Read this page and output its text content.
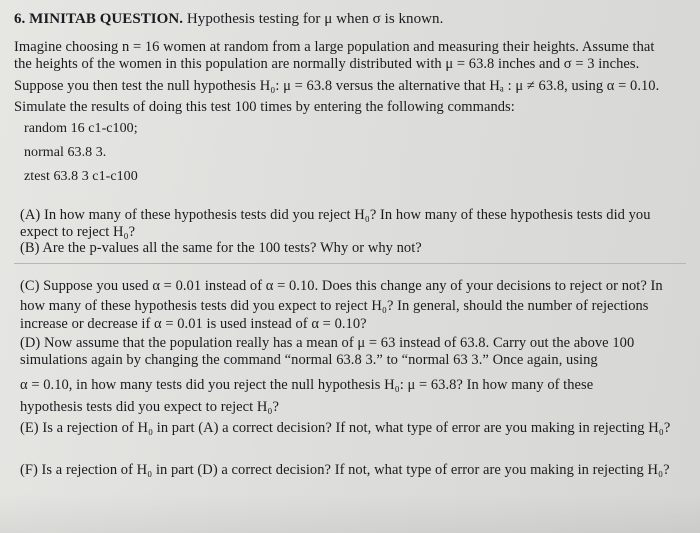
6. MINITAB QUESTION. Hypothesis testing for μ when σ is known.
Imagine choosing n = 16 women at random from a large population and measuring their heights. Assume that
the heights of the women in this population are normally distributed with μ = 63.8 inches and σ = 3 inches.
Suppose you then test the null hypothesis H₀: μ = 63.8 versus the alternative that Hₐ : μ ≠ 63.8, using α = 0.10.
Simulate the results of doing this test 100 times by entering the following commands:
random 16 c1-c100;
normal 63.8 3.
ztest 63.8 3 c1-c100
(A) In how many of these hypothesis tests did you reject H₀? In how many of these hypothesis tests did you
expect to reject H₀?
(B) Are the p-values all the same for the 100 tests? Why or why not?
(C) Suppose you used α = 0.01 instead of α = 0.10. Does this change any of your decisions to reject or not? In
how many of these hypothesis tests did you expect to reject H₀? In general, should the number of rejections
increase or decrease if α = 0.01 is used instead of α = 0.10?
(D) Now assume that the population really has a mean of μ = 63 instead of 63.8. Carry out the above 100
simulations again by changing the command “normal 63.8 3.” to “normal 63 3.” Once again, using
α = 0.10, in how many tests did you reject the null hypothesis H₀: μ = 63.8? In how many of these
hypothesis tests did you expect to reject H₀?
(E) Is a rejection of H₀ in part (A) a correct decision? If not, what type of error are you making in rejecting H₀?
(F) Is a rejection of H₀ in part (D) a correct decision? If not, what type of error are you making in rejecting H₀?
